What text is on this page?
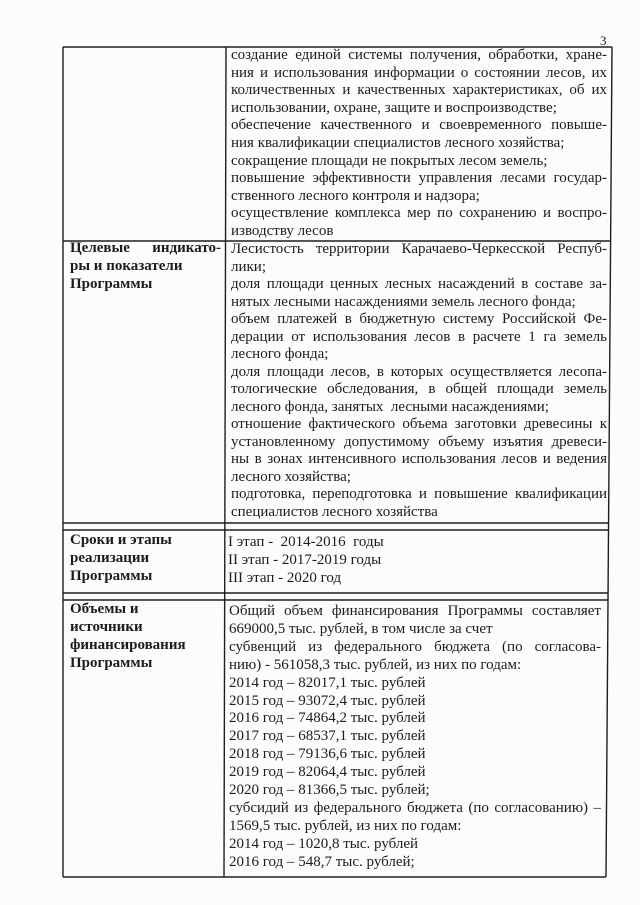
3
создание единой системы получения, обработки, хране-
ния и использования информации о состоянии лесов, их
количественных и качественных характеристиках, об их
использовании, охране, защите и воспроизводстве;
обеспечение качественного и своевременного повыше-
ния квалификации специалистов лесного хозяйства;
сокращение площади не покрытых лесом земель;
повышение эффективности управления лесами государ-
ственного лесного контроля и надзора;
осуществление комплекса мер по сохранению и воспро-
изводству лесов
Целевые индикато-
ры и показатели
Программы
Лесистость территории Карачаево-Черкесской Респуб-
лики;
доля площади ценных лесных насаждений в составе за-
нятых лесными насаждениями земель лесного фонда;
объем платежей в бюджетную систему Российской Фе-
дерации от использования лесов в расчете 1 га земель
лесного фонда;
доля площади лесов, в которых осуществляется лесопа-
тологические обследования, в общей площади земель
лесного фонда, занятых  лесными насаждениями;
отношение фактического объема заготовки древесины к
установленному допустимому объему изъятия древеси-
ны в зонах интенсивного использования лесов и ведения
лесного хозяйства;
подготовка, переподготовка и повышение квалификации
специалистов лесного хозяйства
Сроки и этапы
реализации
Программы
I этап -  2014-2016  годы
II этап - 2017-2019 годы
III этап - 2020 год
Объемы и
источники
финансирования
Программы
Общий объем финансирования Программы составляет
669000,5 тыс. рублей, в том числе за счет
субвенций из федерального бюджета (по согласова-
нию) - 561058,3 тыс. рублей, из них по годам:
2014 год – 82017,1 тыс. рублей
2015 год – 93072,4 тыс. рублей
2016 год – 74864,2 тыс. рублей
2017 год – 68537,1 тыс. рублей
2018 год – 79136,6 тыс. рублей
2019 год – 82064,4 тыс. рублей
2020 год – 81366,5 тыс. рублей;
субсидий из федерального бюджета (по согласованию) –
1569,5 тыс. рублей, из них по годам:
2014 год – 1020,8 тыс. рублей
2016 год – 548,7 тыс. рублей;
